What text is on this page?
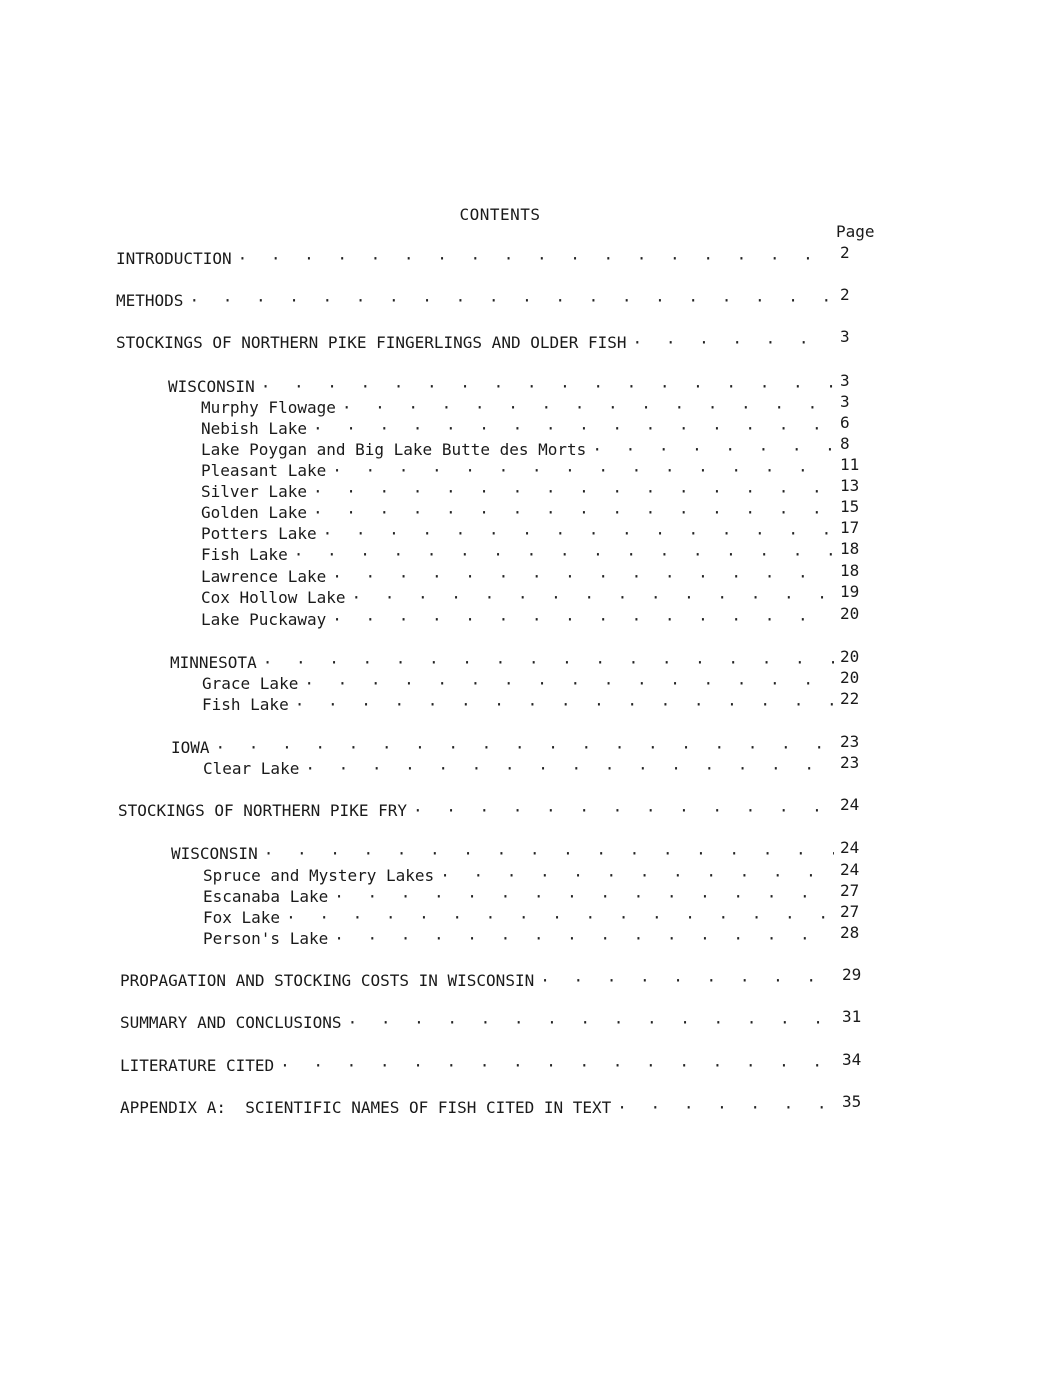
CONTENTS
Page
INTRODUCTION · · ·	2
METHODS · · ·	2
STOCKINGS OF NORTHERN PIKE FINGERLINGS AND OLDER FISH · · ·	3
WISCONSIN · · ·	3
Murphy Flowage · · ·	3
Nebish Lake · · ·	6
Lake Poygan and Big Lake Butte des Morts · · ·	8
Pleasant Lake · · ·	11
Silver Lake · · ·	13
Golden Lake · · ·	15
Potters Lake · · ·	17
Fish Lake · · ·	18
Lawrence Lake · · ·	18
Cox Hollow Lake · · ·	19
Lake Puckaway · · ·	20
MINNESOTA · · ·	20
Grace Lake · · ·	20
Fish Lake · · ·	22
IOWA · · ·	23
Clear Lake · · ·	23
STOCKINGS OF NORTHERN PIKE FRY · · ·	24
WISCONSIN · · ·	24
Spruce and Mystery Lakes · · ·	24
Escanaba Lake · · ·	27
Fox Lake · · ·	27
Person's Lake · · ·	28
PROPAGATION AND STOCKING COSTS IN WISCONSIN · · ·	29
SUMMARY AND CONCLUSIONS · · ·	31
LITERATURE CITED · · ·	34
APPENDIX A:  SCIENTIFIC NAMES OF FISH CITED IN TEXT · · ·	35
